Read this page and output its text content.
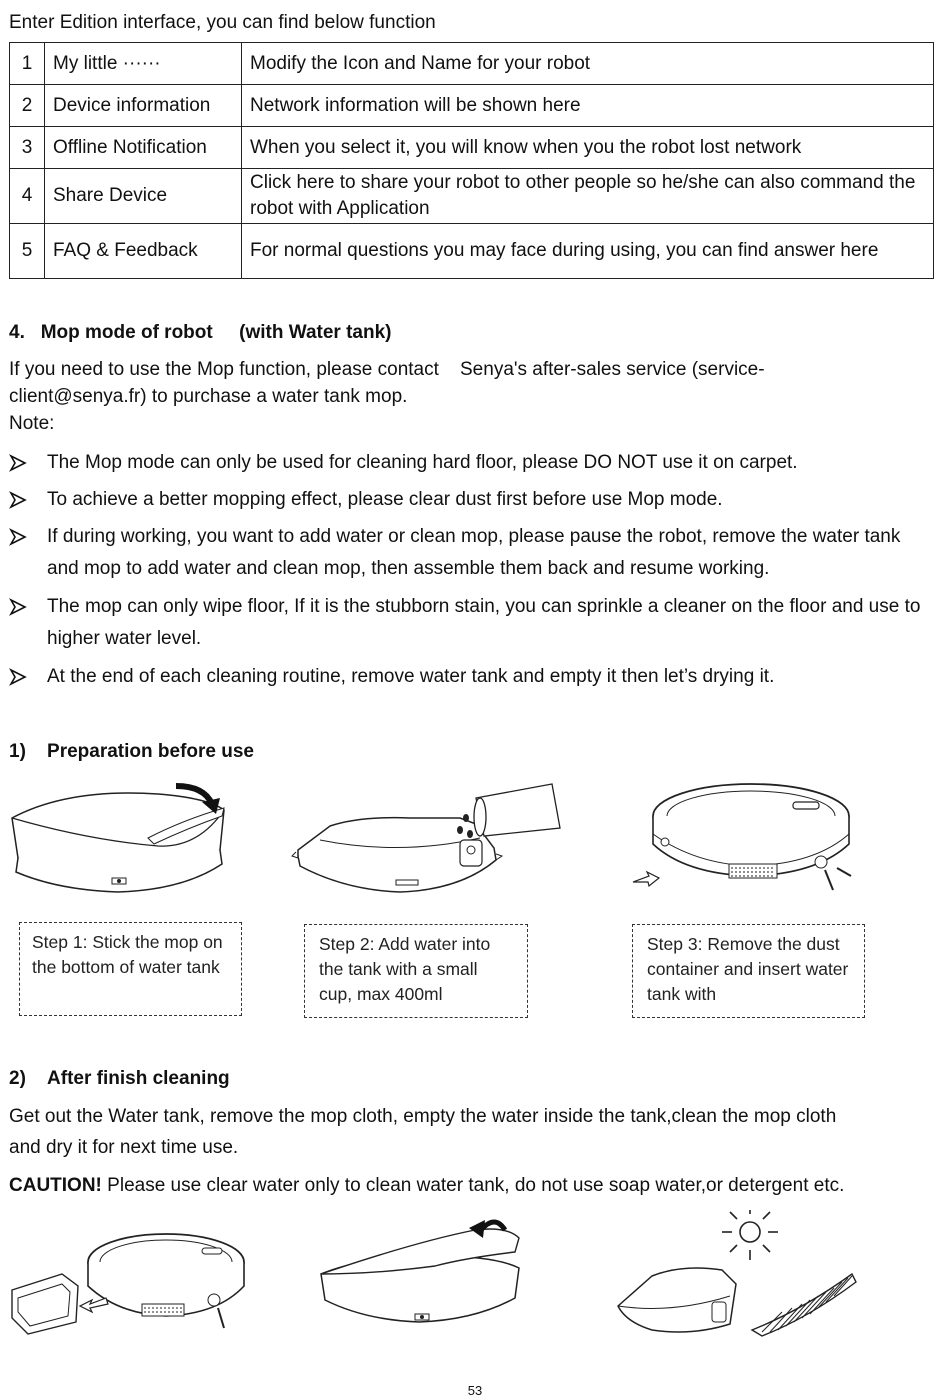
Enter Edition interface, you can find below function
1	My little ······	Modify the Icon and Name for your robot
2	Device information	Network information will be shown here
3	Offline Notification	When you select it, you will know when you the robot lost network
4	Share Device	Click here to share your robot to other people so he/she can also command the robot with Application
5	FAQ & Feedback	For normal questions you may face during using, you can find answer here
4. Mop mode of robot (with Water tank)
If you need to use the Mop function, please contact    Senya's after-sales service (service-
client@senya.fr) to purchase a water tank mop.
Note:
The Mop mode can only be used for cleaning hard floor, please DO NOT use it on carpet.
To achieve a better mopping effect, please clear dust first before use Mop mode.
If during working, you want to add water or clean mop, please pause the robot, remove the water tank and mop to add water and clean mop, then assemble them back and resume working.
The mop can only wipe floor, If it is the stubborn stain, you can sprinkle a cleaner on the floor and use to higher water level.
At the end of each cleaning routine, remove water tank and empty it then let’s drying it.
1) Preparation before use
Step 1: Stick the mop on the bottom of water tank
Step 2: Add water into the tank with a small cup, max 400ml
Step 3: Remove the dust container and insert water tank with
2) After finish cleaning
Get out the Water tank, remove the mop cloth, empty the water inside the tank,clean the mop cloth
and dry it for next time use.
CAUTION! Please use clear water only to clean water tank, do not use soap water,or detergent etc.
53
